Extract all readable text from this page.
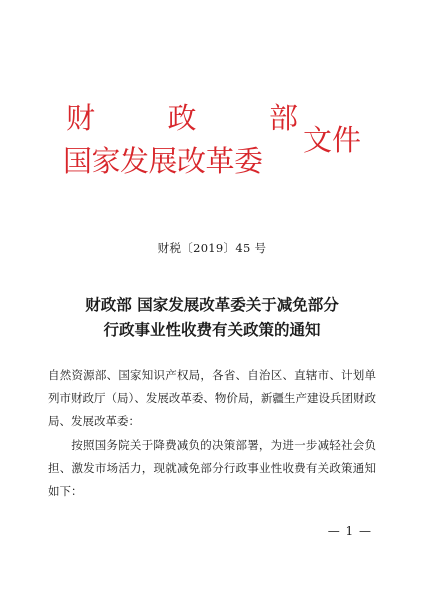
财 政 部
国家发展改革委
文件
财税〔2019〕45 号
财政部 国家发展改革委关于减免部分
行政事业性收费有关政策的通知
自然资源部、国家知识产权局，各省、自治区、直辖市、计划单列市财政厅（局）、发展改革委、物价局，新疆生产建设兵团财政局、发展改革委：
按照国务院关于降费减负的决策部署，为进一步减轻社会负担、激发市场活力，现就减免部分行政事业性收费有关政策通知如下：
— 1 —
